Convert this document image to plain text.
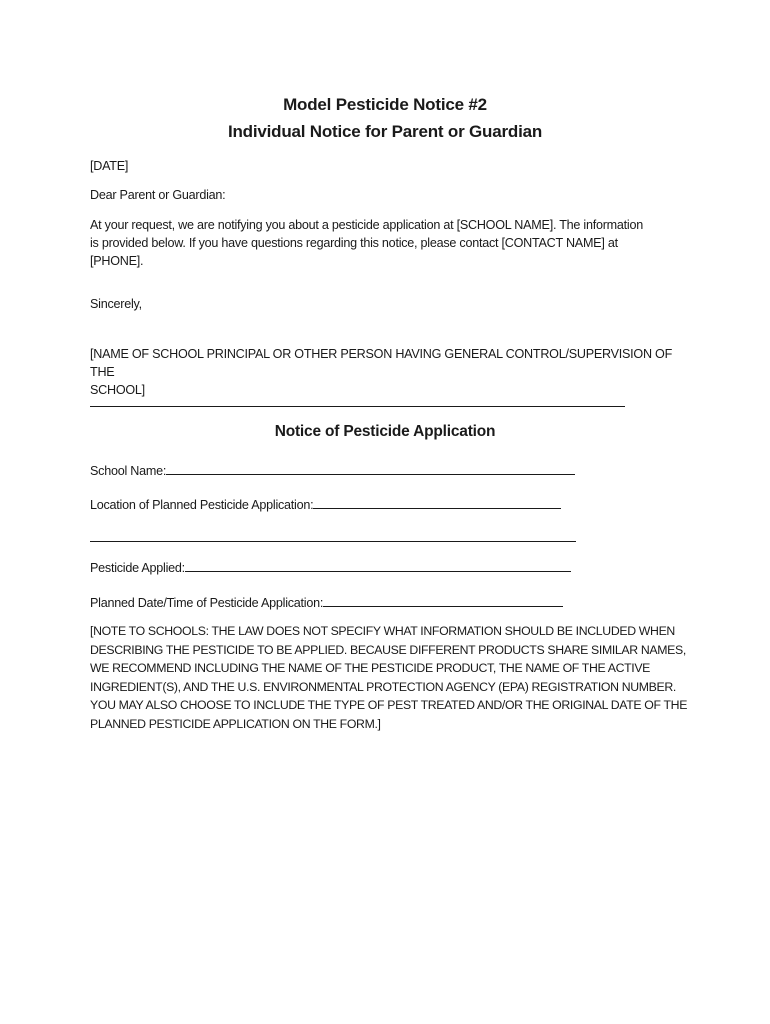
Model Pesticide Notice #2
Individual Notice for Parent or Guardian
[DATE]
Dear Parent or Guardian:
At your request, we are notifying you about a pesticide application at [SCHOOL NAME]. The information
is provided below. If you have questions regarding this notice, please contact [CONTACT NAME] at
[PHONE].
Sincerely,
[NAME OF SCHOOL PRINCIPAL OR OTHER PERSON HAVING GENERAL CONTROL/SUPERVISION OF THE
SCHOOL]
Notice of Pesticide Application
School Name:
Location of Planned Pesticide Application:
Pesticide Applied:
Planned Date/Time of Pesticide Application:
[NOTE TO SCHOOLS: THE LAW DOES NOT SPECIFY WHAT INFORMATION SHOULD BE INCLUDED WHEN
DESCRIBING THE PESTICIDE TO BE APPLIED. BECAUSE DIFFERENT PRODUCTS SHARE SIMILAR NAMES,
WE RECOMMEND INCLUDING THE NAME OF THE PESTICIDE PRODUCT, THE NAME OF THE ACTIVE
INGREDIENT(S), AND THE U.S. ENVIRONMENTAL PROTECTION AGENCY (EPA) REGISTRATION NUMBER.
YOU MAY ALSO CHOOSE TO INCLUDE THE TYPE OF PEST TREATED AND/OR THE ORIGINAL DATE OF THE
PLANNED PESTICIDE APPLICATION ON THE FORM.]
